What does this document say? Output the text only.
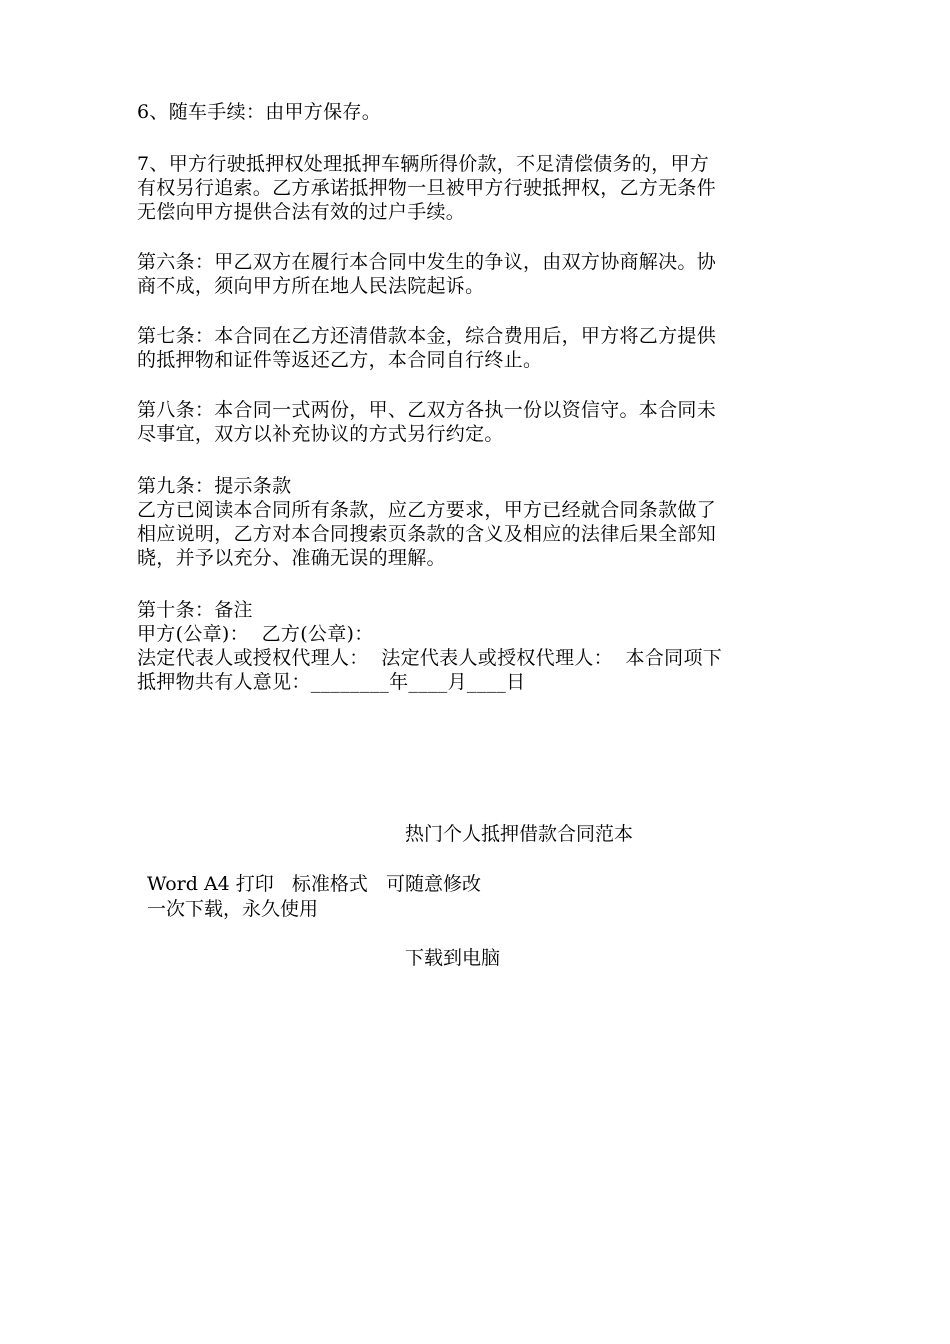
6、随车手续：由甲方保存。
7、甲方行驶抵押权处理抵押车辆所得价款，不足清偿债务的，甲方
有权另行追索。乙方承诺抵押物一旦被甲方行驶抵押权，乙方无条件
无偿向甲方提供合法有效的过户手续。
第六条：甲乙双方在履行本合同中发生的争议，由双方协商解决。协
商不成，须向甲方所在地人民法院起诉。
第七条：本合同在乙方还清借款本金，综合费用后，甲方将乙方提供
的抵押物和证件等返还乙方，本合同自行终止。
第八条：本合同一式两份，甲、乙双方各执一份以资信守。本合同未
尽事宜，双方以补充协议的方式另行约定。
第九条：提示条款
乙方已阅读本合同所有条款，应乙方要求，甲方已经就合同条款做了
相应说明，乙方对本合同搜索页条款的含义及相应的法律后果全部知
晓，并予以充分、准确无误的理解。
第十条：备注
甲方(公章)：  乙方(公章)：
法定代表人或授权代理人：  法定代表人或授权代理人：  本合同项下
抵押物共有人意见：________年____月____日
热门个人抵押借款合同范本
Word A4 打印   标准格式   可随意修改
一次下载，永久使用
下载到电脑
